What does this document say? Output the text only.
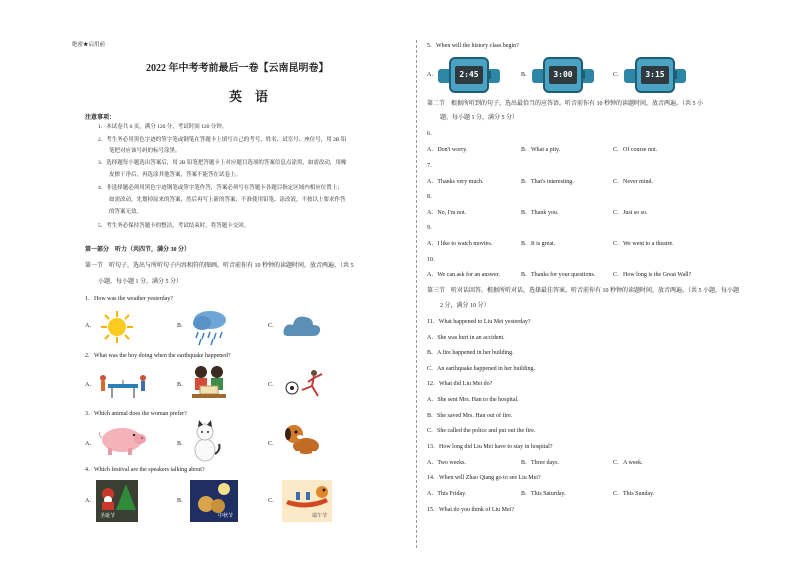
绝密★启用前
2022 年中考考前最后一卷【云南昆明卷】
英　语
注意事项：
1．本试卷共 6 页，满分 120 分，考试时间 120 分钟。
2．考生务必用黑色字迹的签字笔或钢笔在答题卡上填写自己的考号、姓名、试室号、座位号，用 2B 铅
　　笔把对应该号码的标号涂黑。
3．选择题每小题选出答案后，用 2B 铅笔把答题卡上对应题目选项的答案信息点涂黑，如需改动，用橡
　　皮擦干净后，再选涂其他答案，答案不能答在试卷上。
4．非选择题必须用黑色字迹钢笔或签字笔作答，答案必须写在答题卡各题目指定区域内相应位置上；
　　如需改动，先划掉原来的答案，然后再写上新的答案；不准使用铅笔、涂改液，不按以上要求作答
　　的答案无效。
5．考生务必保持答题卡的整洁，考试结束时，将答题卡交回。
第一部分　听力（共四节，满分 30 分）
第一节　听句子，选出与所听句子内容相符的图画。听音前你有 10 秒钟的读题时间，放音两遍。（共 5
小题，每小题 1 分，满分 5 分）
1．How was the weather yesterday?
A．	B．	C．
2．What was the boy doing when the earthquake happened?
A．	B．	C．
3．Which animal does the woman prefer?
A．	B．	C．
4．Which festival are the speakers talking about?
A．
圣诞节
B．
中秋节
C．
端午节
5．When will the history class begin?
A．	2:45	B．	3:00	C．	3:15
第二节　根据所听到的句子，选出最恰当的应答语。听音前你有 10 秒钟的读题时间，放音两遍。（共 5 小
题，每小题 1 分，满分 5 分）
6．
A．Don't worry.	B．What a pity.	C．Of course not.
7．
A．Thanks very much.	B．That's interesting.	C．Never mind.
8．
A．No, I'm not.	B．Thank you.	C．Just so so.
9．
A．I like to watch movies.	B．It is great.	C．We went to a theatre.
10．
A．We can ask for an answer.	B．Thanks for your questions.	C．How long is the Great Wall?
第三节　听对话回答。根据所听对话，选择最佳答案。听音前你有 10 秒钟的读题时间，放音两遍。（共 5 小题，每小题
2 分，满分 10 分）
11．What happened to Liu Mei yesterday?
A．She was hurt in an accident.
B．A fire happened in her building.
C．An earthquake happened in her building.
12．What did Liu Mei do?
A．She sent Mrs. Han to the hospital.
B．She saved Mrs. Han out of fire.
C．She called the police and put out the fire.
13．How long did Liu Mei have to stay in hospital?
A．Two weeks.	B．Three days.	C．A week.
14．When will Zhao Qiang go to see Liu Mei?
A．This Friday.	B．This Saturday.	C．This Sunday.
15．What do you think of Liu Mei?
